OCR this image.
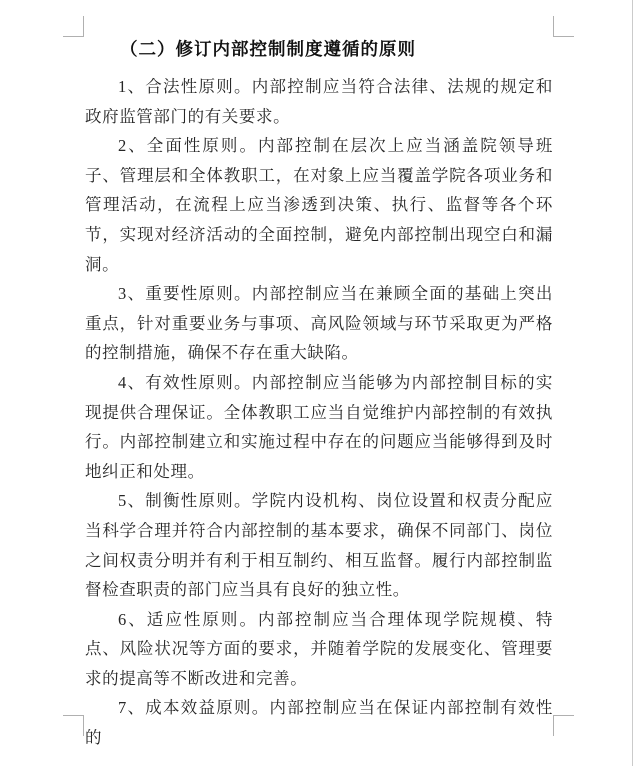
（二）修订内部控制制度遵循的原则

1、合法性原则。内部控制应当符合法律、法规的规定和政府监管部门的有关要求。

2、全面性原则。内部控制在层次上应当涵盖院领导班子、管理层和全体教职工，在对象上应当覆盖学院各项业务和管理活动，在流程上应当渗透到决策、执行、监督等各个环节，实现对经济活动的全面控制，避免内部控制出现空白和漏洞。

3、重要性原则。内部控制应当在兼顾全面的基础上突出重点，针对重要业务与事项、高风险领域与环节采取更为严格的控制措施，确保不存在重大缺陷。

4、有效性原则。内部控制应当能够为内部控制目标的实现提供合理保证。全体教职工应当自觉维护内部控制的有效执行。内部控制建立和实施过程中存在的问题应当能够得到及时地纠正和处理。

5、制衡性原则。学院内设机构、岗位设置和权责分配应当科学合理并符合内部控制的基本要求，确保不同部门、岗位之间权责分明并有利于相互制约、相互监督。履行内部控制监督检查职责的部门应当具有良好的独立性。

6、适应性原则。内部控制应当合理体现学院规模、特点、风险状况等方面的要求，并随着学院的发展变化、管理要求的提高等不断改进和完善。

7、成本效益原则。内部控制应当在保证内部控制有效性的
